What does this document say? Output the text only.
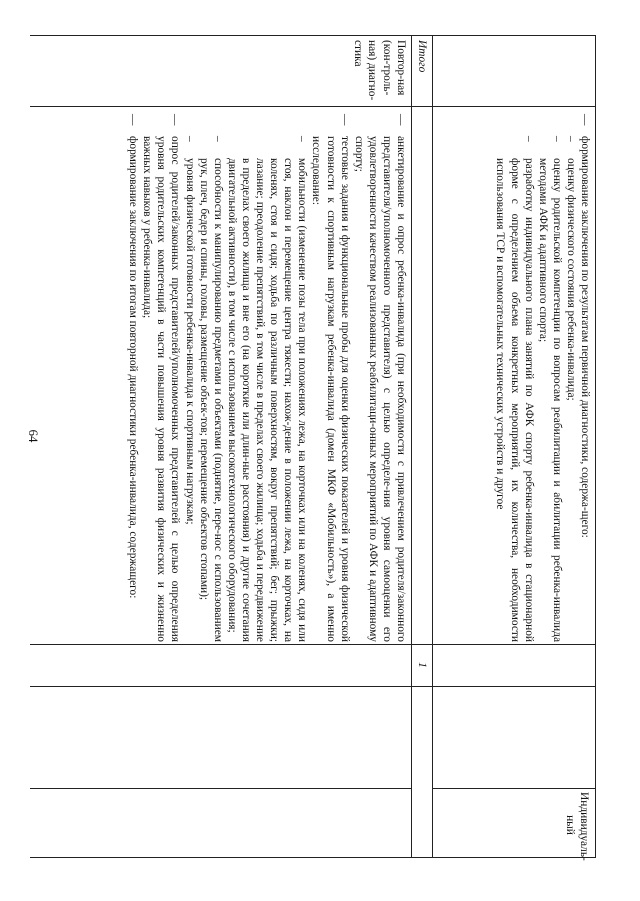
64
—
формирование заключения по результатам первичной диагностики, содержа-щего:
–
оценку физического состояния ребенка-инвалида;
–
оценку родительской компетенции по вопросам реабилитации и абилитации ребенка-инвалида методами АФК и адаптивного спорта;
–
разработку индивидуального плана занятий по АФК спорту ребенка-инвалида в стационарной форме с определением объема конкретных мероприятий, их количества, необходимости использования ТСР и вспомогательных технических устройств и другое
Индивидуаль-ный
Итого
1
Повтор-ная (кон-троль-ная) диагно-стика
—
анкетирование и опрос ребенка-инвалида (при необходимости с привлечением родителя/законного представителя/уполномоченного представителя) с целью определе-ния уровня самооценки его удовлетворенности качеством реализованных реабилитаци-онных мероприятий по АФК и адаптивному спорту;
—
тестовые задания и функциональные пробы для оценки физических показателей и уровня физической готовности к спортивным нагрузкам ребенка-инвалида (домен МКФ «Мобильность»), а именно исследование:
–
мобильности (изменение позы тела при положениях лежа, на корточках или на коленях, сидя или стоя, наклон и перемещение центра тяжести; нахож-дение в положении лежа, на корточках, на коленях, стоя и сидя; ходьба по различным поверхностям, вокруг препятствий; бег; прыжки; лазание; преодоление препятствий, в том числе в пределах своего жилища; ходьба и передвижение в пределах своего жилища и вне его (на короткие или длин-ные расстояния) и другие сочетания двигательной активности), в том числе с использованием высокотехнологического оборудования;
–
способности к манипулированию предметами и объектами (поднятие, пере-нос с использованием рук, плеч, бедер и спины, головы, размещение объек-тов; перемещение объектов стопами);
–
уровня физической готовности ребенка-инвалида к спортивным нагрузкам;
—
опрос родителей/законных представителей/уполномоченных представителей с целью определения уровня родительских компетенций в части повышения уровня развития физических и жизненно важных навыков у ребенка-инвалида;
—
формирование заключения по итогам повторной диагностики ребенка-инвалида, содержащего:
